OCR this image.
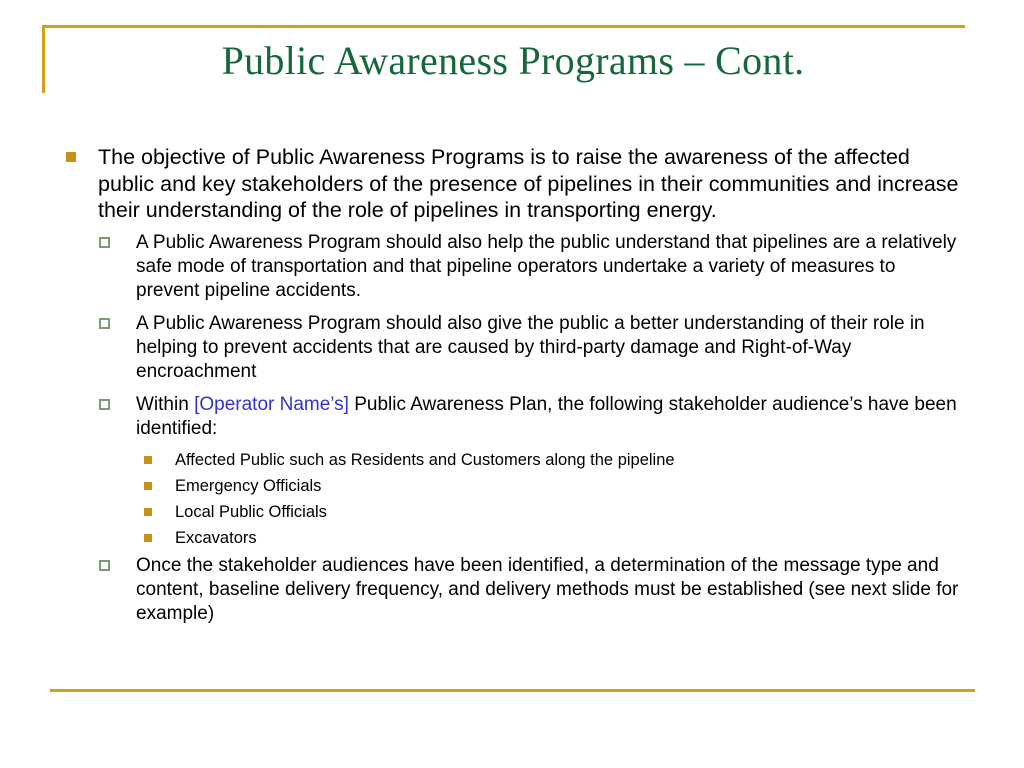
Public Awareness Programs – Cont.
The objective of Public Awareness Programs is to raise the awareness of the affected public and key stakeholders of the presence of pipelines in their communities and increase their understanding of the role of pipelines in transporting energy.
A Public Awareness Program should also help the public understand that pipelines are a relatively safe mode of transportation and that pipeline operators undertake a variety of measures to prevent pipeline accidents.
A Public Awareness Program should also give the public a better understanding of their role in helping to prevent accidents that are caused by third-party damage and Right-of-Way encroachment
Within [Operator Name’s] Public Awareness Plan, the following stakeholder audience’s have been identified:
Affected Public such as Residents and Customers along the pipeline
Emergency Officials
Local Public Officials
Excavators
Once the stakeholder audiences have been identified, a determination of the message type and content, baseline delivery frequency, and delivery methods must be established (see next slide for example)
